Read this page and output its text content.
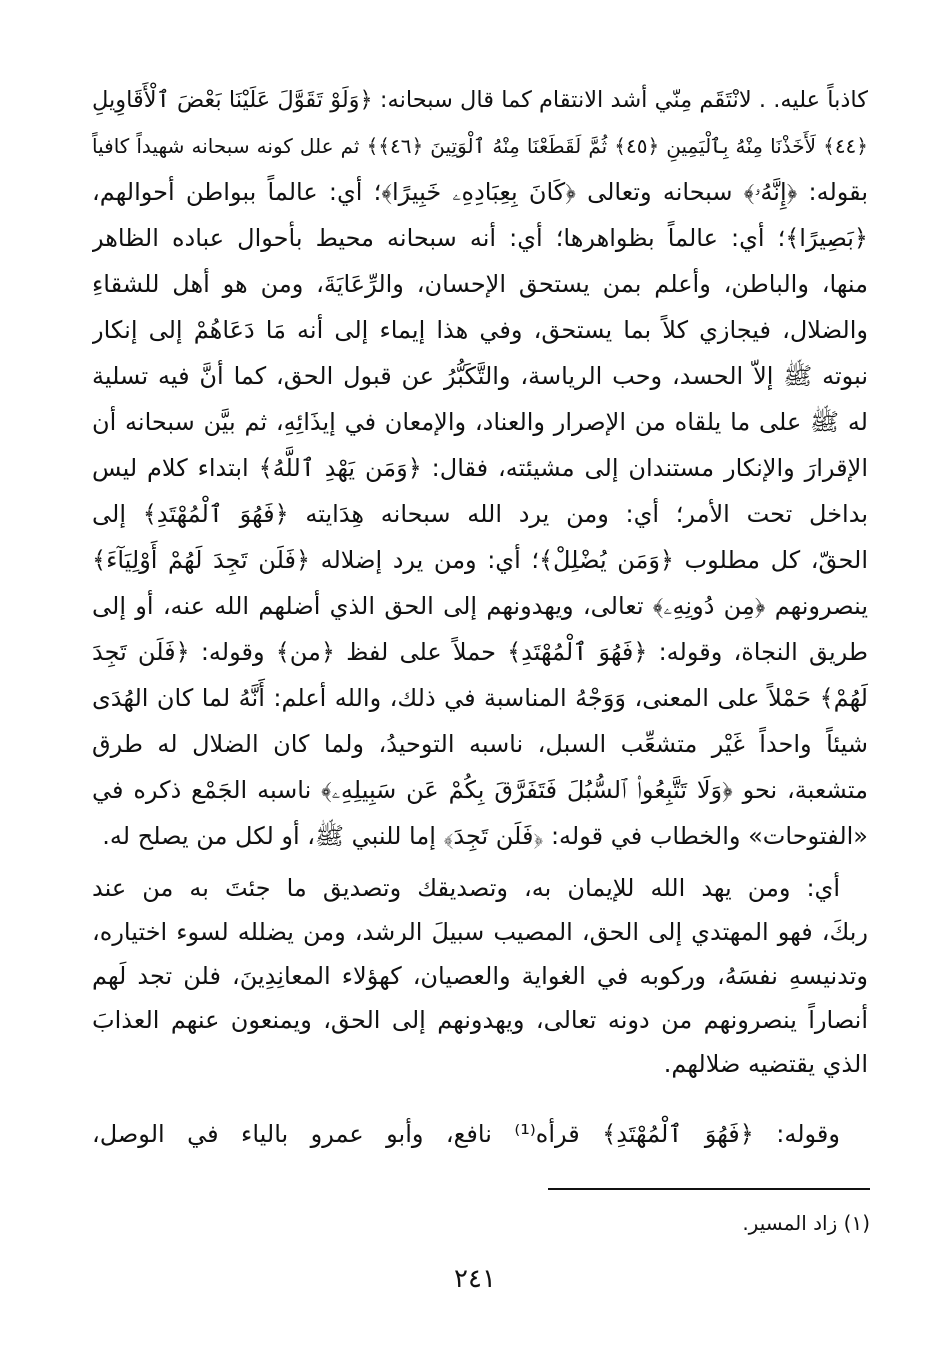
كاذباً عليه. . لانْتَقَم مِنّي أشد الانتقام كما قال سبحانه: ﴿وَلَوْ تَقَوَّلَ عَلَيْنَا بَعْضَ ٱلْأَقَاوِيلِ
﴿٤٤﴾ لَأَخَذْنَا مِنْهُ بِٱلْيَمِينِ ﴿٤٥﴾ ثُمَّ لَقَطَعْنَا مِنْهُ ٱلْوَتِينَ ﴿٤٦﴾﴾ ثم علل كونه سبحانه شهيداً كافياً
بقوله: ﴿إِنَّهُۥ﴾ سبحانه وتعالى ﴿كَانَ بِعِبَادِهِۦ خَبِيرًا﴾؛ أي: عالماً ببواطن أحوالهم،
﴿بَصِيرًا﴾؛ أي: عالماً بظواهرها؛ أي: أنه سبحانه محيط بأحوال عباده الظاهر
منها، والباطن، وأعلم بمن يستحق الإحسان، والرِّعَايَةَ، ومن هو أهل للشقاءِ
والضلال، فيجازي كلاً بما يستحق، وفي هذا إيماء إلى أنه مَا دَعَاهُمْ إلى إنكار
نبوته ﷺ إلاّ الحسد، وحب الرياسة، والتَّكَبُّرُ عن قبول الحق، كما أنَّ فيه تسلية
له ﷺ على ما يلقاه من الإصرار والعناد، والإمعان في إيذَائِهِ، ثم بيَّن سبحانه أن
الإقرارَ والإنكار مستندان إلى مشيئته، فقال: ﴿وَمَن يَهْدِ ٱللَّهُ﴾ ابتداء كلام ليس
بداخل تحت الأمر؛ أي: ومن يرد الله سبحانه هِدَايته ﴿فَهُوَ ٱلْمُهْتَدِ﴾ إلى
الحقّ، كل مطلوب ﴿وَمَن يُضْلِلْ﴾؛ أي: ومن يرد إضلاله ﴿فَلَن تَجِدَ لَهُمْ أَوْلِيَآءَ﴾
ينصرونهم ﴿مِن دُونِهِۦ﴾ تعالى، ويهدونهم إلى الحق الذي أضلهم الله عنه، أو إلى
طريق النجاة، وقوله: ﴿فَهُوَ ٱلْمُهْتَدِ﴾ حملاً على لفظ ﴿من﴾ وقوله: ﴿فَلَن تَجِدَ
لَهُمْ﴾ حَمْلاً على المعنى، وَوَجْهُ المناسبة في ذلك، والله أعلم: أَنَّهُ لما كان الهُدَى
شيئاً واحداً غَيْر متشعِّب السبل، ناسبه التوحيدُ، ولما كان الضلال له طرق
متشعبة، نحو ﴿وَلَا تَتَّبِعُوا۟ ٱلسُّبُلَ فَتَفَرَّقَ بِكُمْ عَن سَبِيلِهِۦ﴾ ناسبه الجَمْع ذكره في
«الفتوحات» والخطاب في قوله: ﴿فَلَن تَجِدَ﴾ إما للنبي ﷺ، أو لكل من يصلح له.
أي: ومن يهد الله للإيمان به، وتصديقك وتصديق ما جئتَ به من عند
ربكَ، فهو المهتدي إلى الحق، المصيب سبيلَ الرشد، ومن يضلله لسوء اختياره،
وتدنيسهِ نفسَهُ، وركوبه في الغواية والعصيان، كهؤلاء المعانِدِينَ، فلن تجد لَهم
أنصاراً ينصرونهم من دونه تعالى، ويهدونهم إلى الحق، ويمنعون عنهم العذابَ
الذي يقتضيه ضلالهم.
وقوله: ﴿فَهُوَ ٱلْمُهْتَدِ﴾ قرأه⁽¹⁾ نافع، وأبو عمرو بالياء في الوصل،
(١) زاد المسير.
٢٤١
